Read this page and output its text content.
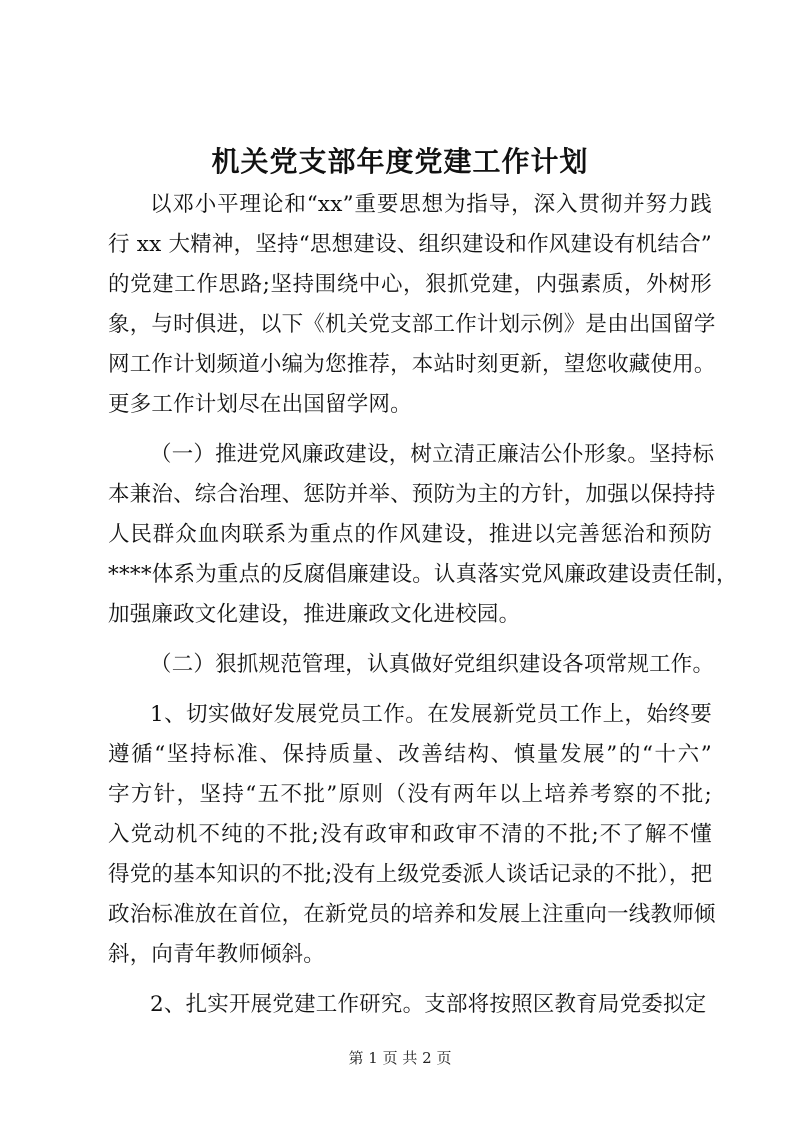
机关党支部年度党建工作计划
以邓小平理论和“xx”重要思想为指导，深入贯彻并努力践
行 xx 大精神，坚持“思想建设、组织建设和作风建设有机结合”
的党建工作思路;坚持围绕中心，狠抓党建，内强素质，外树形
象，与时俱进，以下《机关党支部工作计划示例》是由出国留学
网工作计划频道小编为您推荐，本站时刻更新，望您收藏使用。
更多工作计划尽在出国留学网。
（一）推进党风廉政建设，树立清正廉洁公仆形象。坚持标
本兼治、综合治理、惩防并举、预防为主的方针，加强以保持持
人民群众血肉联系为重点的作风建设，推进以完善惩治和预防
****体系为重点的反腐倡廉建设。认真落实党风廉政建设责任制，
加强廉政文化建设，推进廉政文化进校园。
（二）狠抓规范管理，认真做好党组织建设各项常规工作。
1、切实做好发展党员工作。在发展新党员工作上，始终要
遵循“坚持标准、保持质量、改善结构、慎量发展”的“十六”
字方针，坚持“五不批”原则（没有两年以上培养考察的不批;
入党动机不纯的不批;没有政审和政审不清的不批;不了解不懂
得党的基本知识的不批;没有上级党委派人谈话记录的不批），把
政治标准放在首位，在新党员的培养和发展上注重向一线教师倾
斜，向青年教师倾斜。
2、扎实开展党建工作研究。支部将按照区教育局党委拟定
第 1 页 共 2 页
